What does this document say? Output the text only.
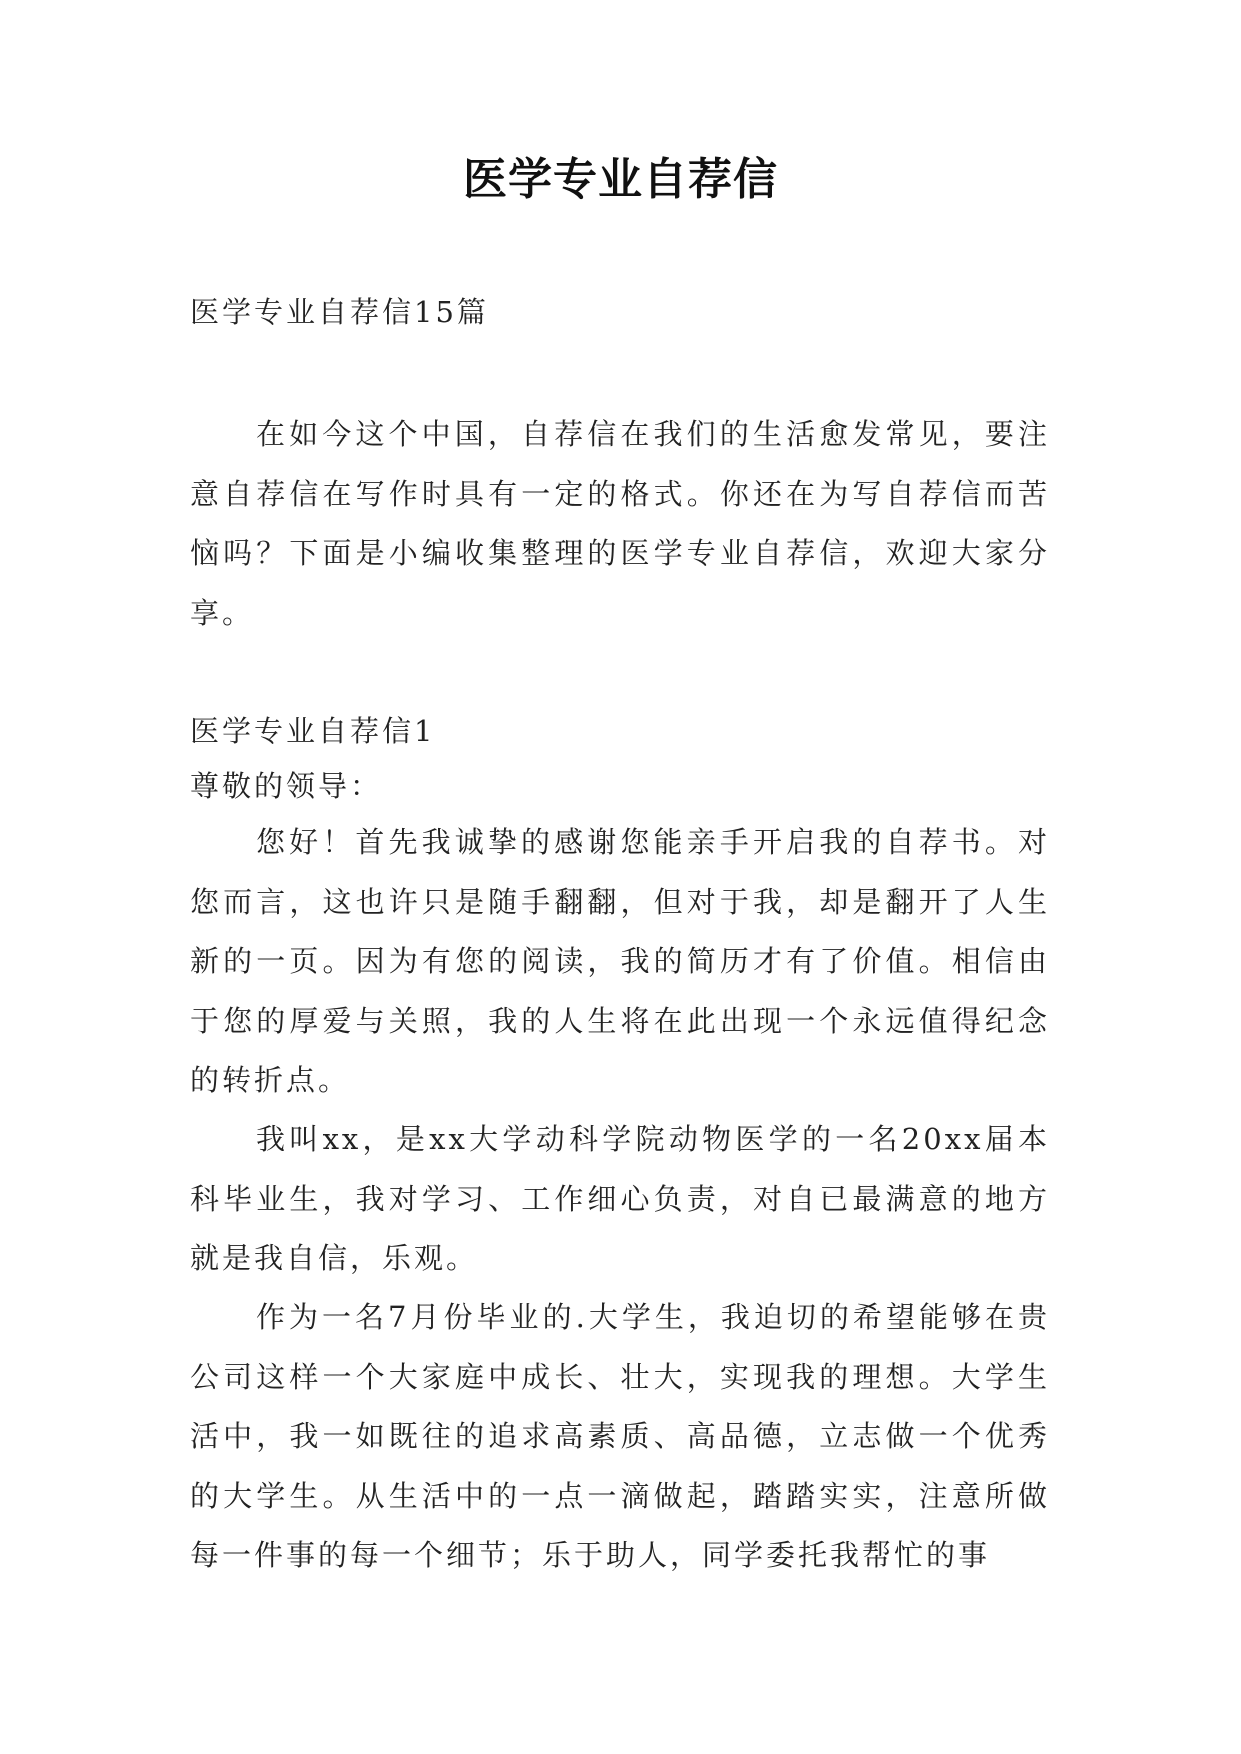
医学专业自荐信

医学专业自荐信15篇

在如今这个中国，自荐信在我们的生活愈发常见，要注意自荐信在写作时具有一定的格式。你还在为写自荐信而苦恼吗？下面是小编收集整理的医学专业自荐信，欢迎大家分享。

医学专业自荐信1

尊敬的领导：

您好！首先我诚挚的感谢您能亲手开启我的自荐书。对您而言，这也许只是随手翻翻，但对于我，却是翻开了人生新的一页。因为有您的阅读，我的简历才有了价值。相信由于您的厚爱与关照，我的人生将在此出现一个永远值得纪念的转折点。

我叫xx，是xx大学动科学院动物医学的一名20xx届本科毕业生，我对学习、工作细心负责，对自已最满意的地方就是我自信，乐观。

作为一名7月份毕业的.大学生，我迫切的希望能够在贵公司这样一个大家庭中成长、壮大，实现我的理想。大学生活中，我一如既往的追求高素质、高品德，立志做一个优秀的大学生。从生活中的一点一滴做起，踏踏实实，注意所做每一件事的每一个细节；乐于助人，同学委托我帮忙的事
